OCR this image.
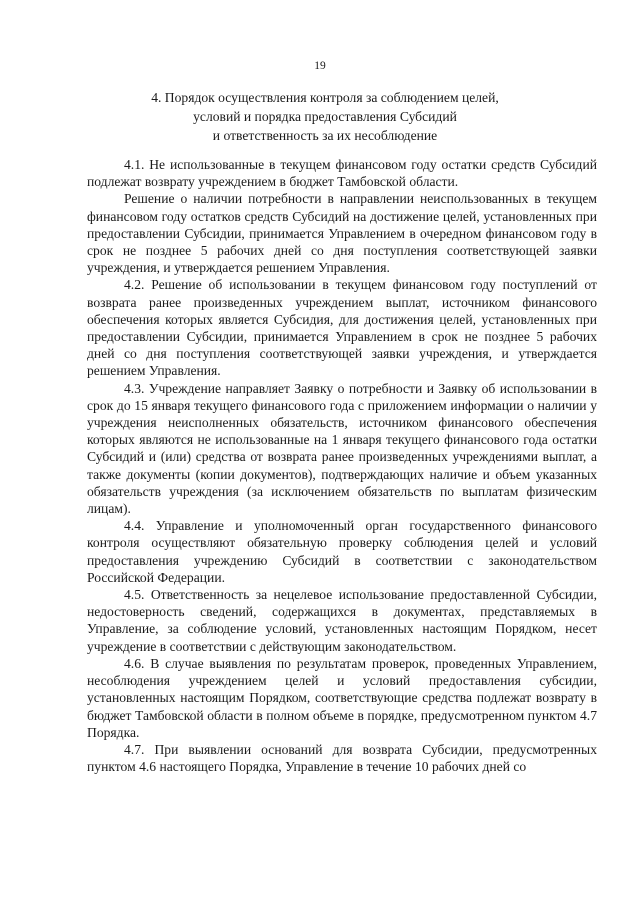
19
4. Порядок осуществления контроля за соблюдением целей,
условий и порядка предоставления Субсидий
и ответственность за их несоблюдение

4.1. Не использованные в текущем финансовом году остатки средств Субсидий подлежат возврату учреждением в бюджет Тамбовской области.

Решение о наличии потребности в направлении неиспользованных в текущем финансовом году остатков средств Субсидий на достижение целей, установленных при предоставлении Субсидии, принимается Управлением в очередном финансовом году в срок не позднее 5 рабочих дней со дня поступления соответствующей заявки учреждения, и утверждается решением Управления.

4.2. Решение об использовании в текущем финансовом году поступлений от возврата ранее произведенных учреждением выплат, источником финансового обеспечения которых является Субсидия, для достижения целей, установленных при предоставлении Субсидии, принимается Управлением в срок не позднее 5 рабочих дней со дня поступления соответствующей заявки учреждения, и утверждается решением Управления.

4.3. Учреждение направляет Заявку о потребности и Заявку об использовании в срок до 15 января текущего финансового года с приложением информации о наличии у учреждения неисполненных обязательств, источником финансового обеспечения которых являются не использованные на 1 января текущего финансового года остатки Субсидий и (или) средства от возврата ранее произведенных учреждениями выплат, а также документы (копии документов), подтверждающих наличие и объем указанных обязательств учреждения (за исключением обязательств по выплатам физическим лицам).

4.4. Управление и уполномоченный орган государственного финансового контроля осуществляют обязательную проверку соблюдения целей и условий предоставления учреждению Субсидий в соответствии с законодательством Российской Федерации.

4.5. Ответственность за нецелевое использование предоставленной Субсидии, недостоверность сведений, содержащихся в документах, представляемых в Управление, за соблюдение условий, установленных настоящим Порядком, несет учреждение в соответствии с действующим законодательством.

4.6. В случае выявления по результатам проверок, проведенных Управлением, несоблюдения учреждением целей и условий предоставления субсидии, установленных настоящим Порядком, соответствующие средства подлежат возврату в бюджет Тамбовской области в полном объеме в порядке, предусмотренном пунктом 4.7 Порядка.

4.7. При выявлении оснований для возврата Субсидии, предусмотренных пунктом 4.6 настоящего Порядка, Управление в течение 10 рабочих дней со
